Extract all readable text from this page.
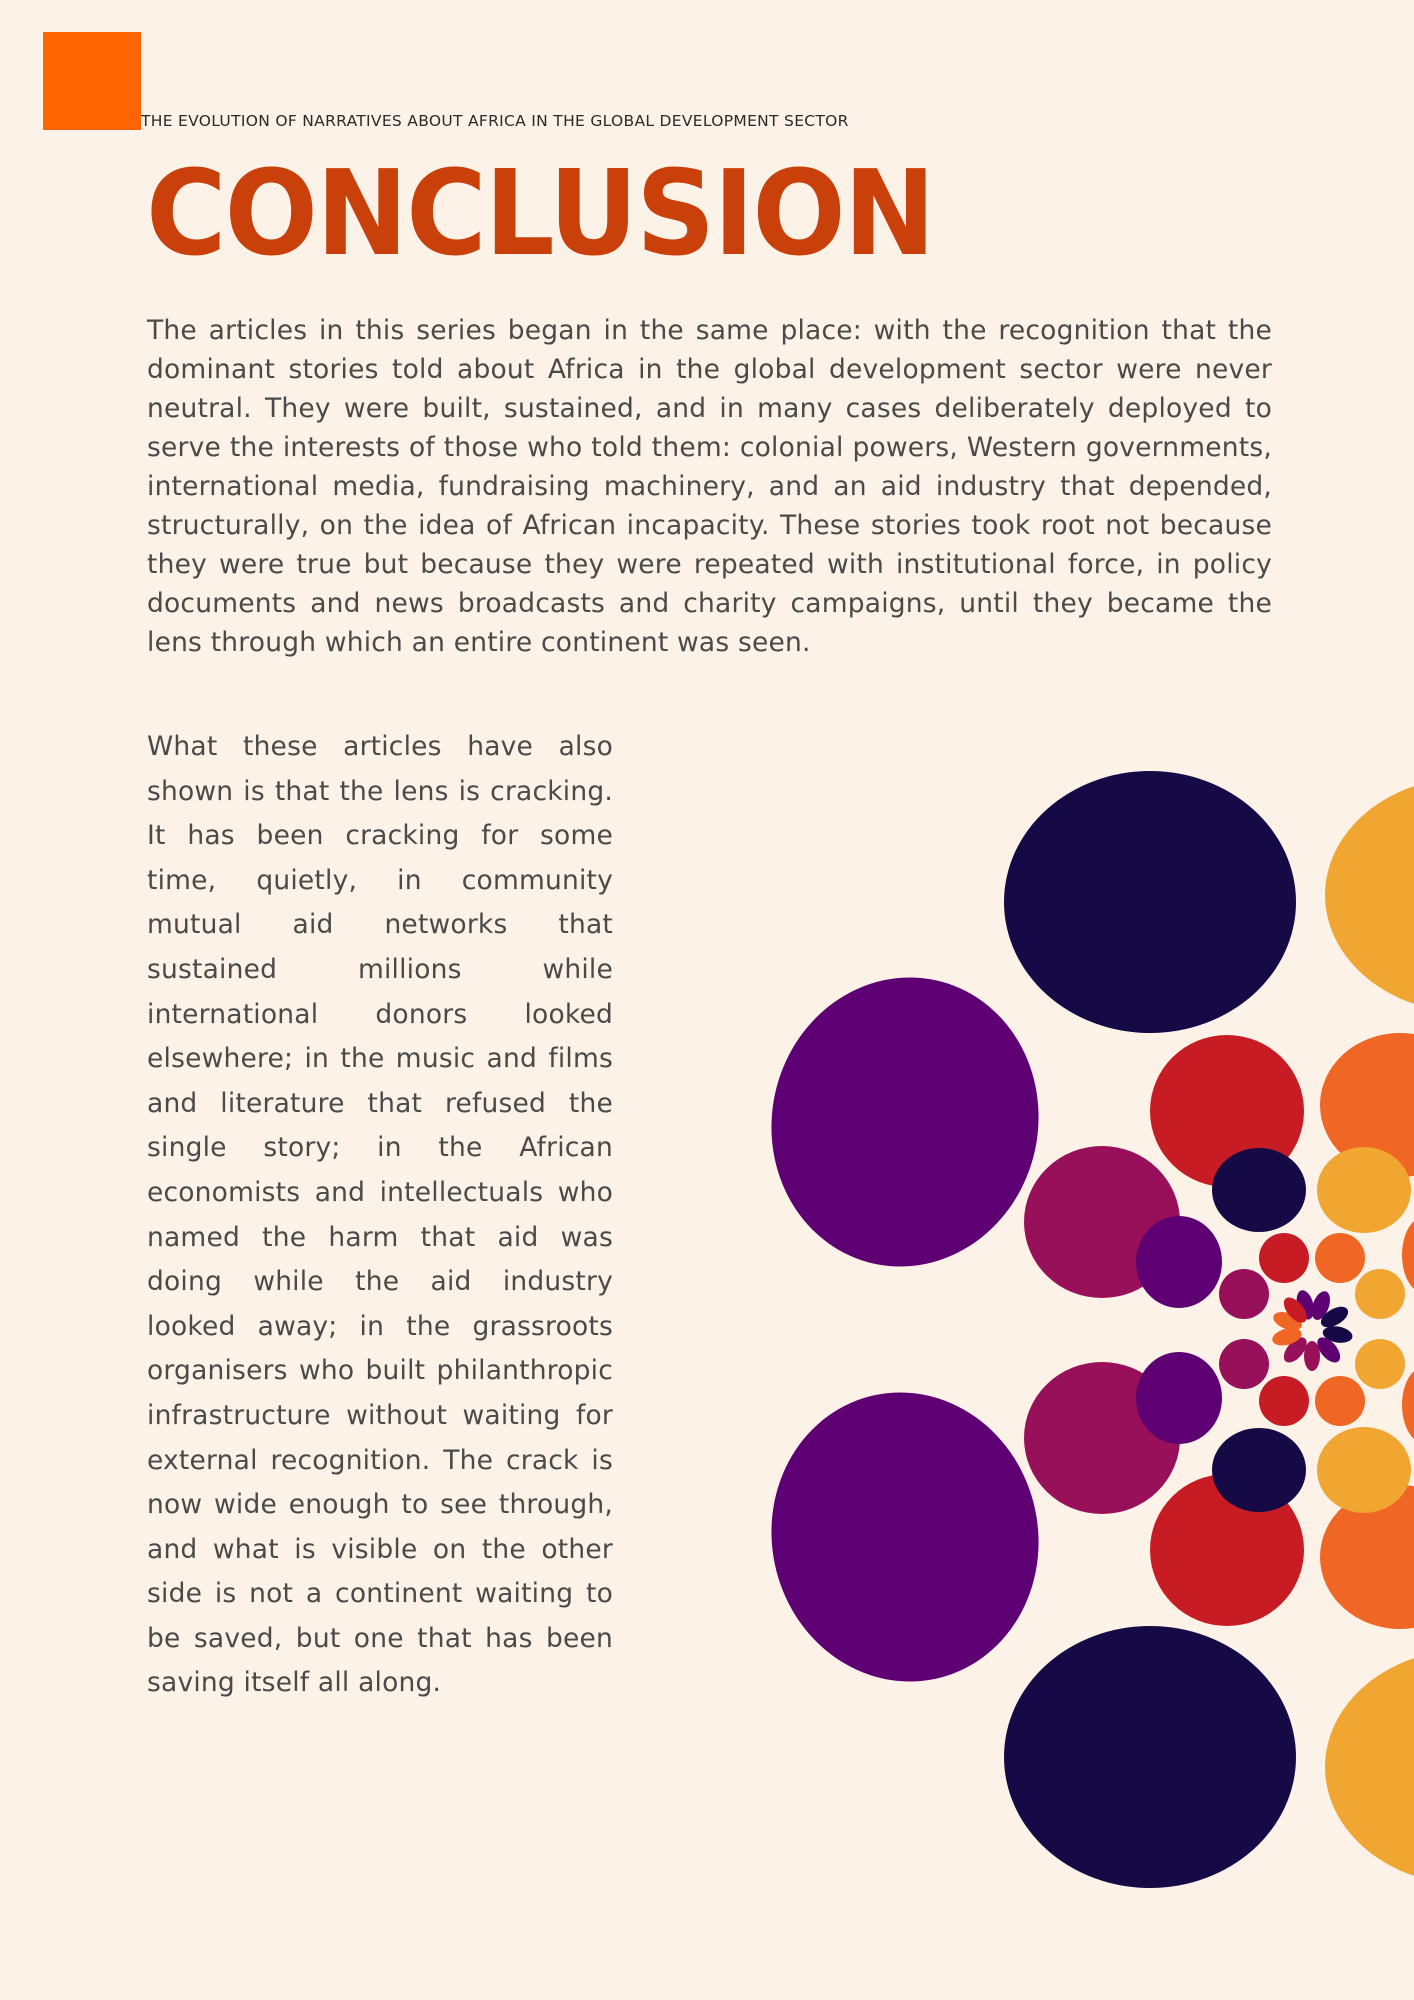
THE EVOLUTION OF NARRATIVES ABOUT AFRICA IN THE GLOBAL DEVELOPMENT SECTOR
CONCLUSION

The articles in this series began in the same place: with the recognition that the dominant stories told about Africa in the global development sector were never neutral. They were built, sustained, and in many cases deliberately deployed to serve the interests of those who told them: colonial powers, Western governments, international media, fundraising machinery, and an aid industry that depended, structurally, on the idea of African incapacity. These stories took root not because they were true but because they were repeated with institutional force, in policy documents and news broadcasts and charity campaigns, until they became the lens through which an entire continent was seen.

What these articles have also shown is that the lens is cracking. It has been cracking for some time, quietly, in community mutual aid networks that sustained millions while international donors looked elsewhere; in the music and films and literature that refused the single story; in the African economists and intellectuals who named the harm that aid was doing while the aid industry looked away; in the grassroots organisers who built philanthropic infrastructure without waiting for external recognition. The crack is now wide enough to see through, and what is visible on the other side is not a continent waiting to be saved, but one that has been saving itself all along.
